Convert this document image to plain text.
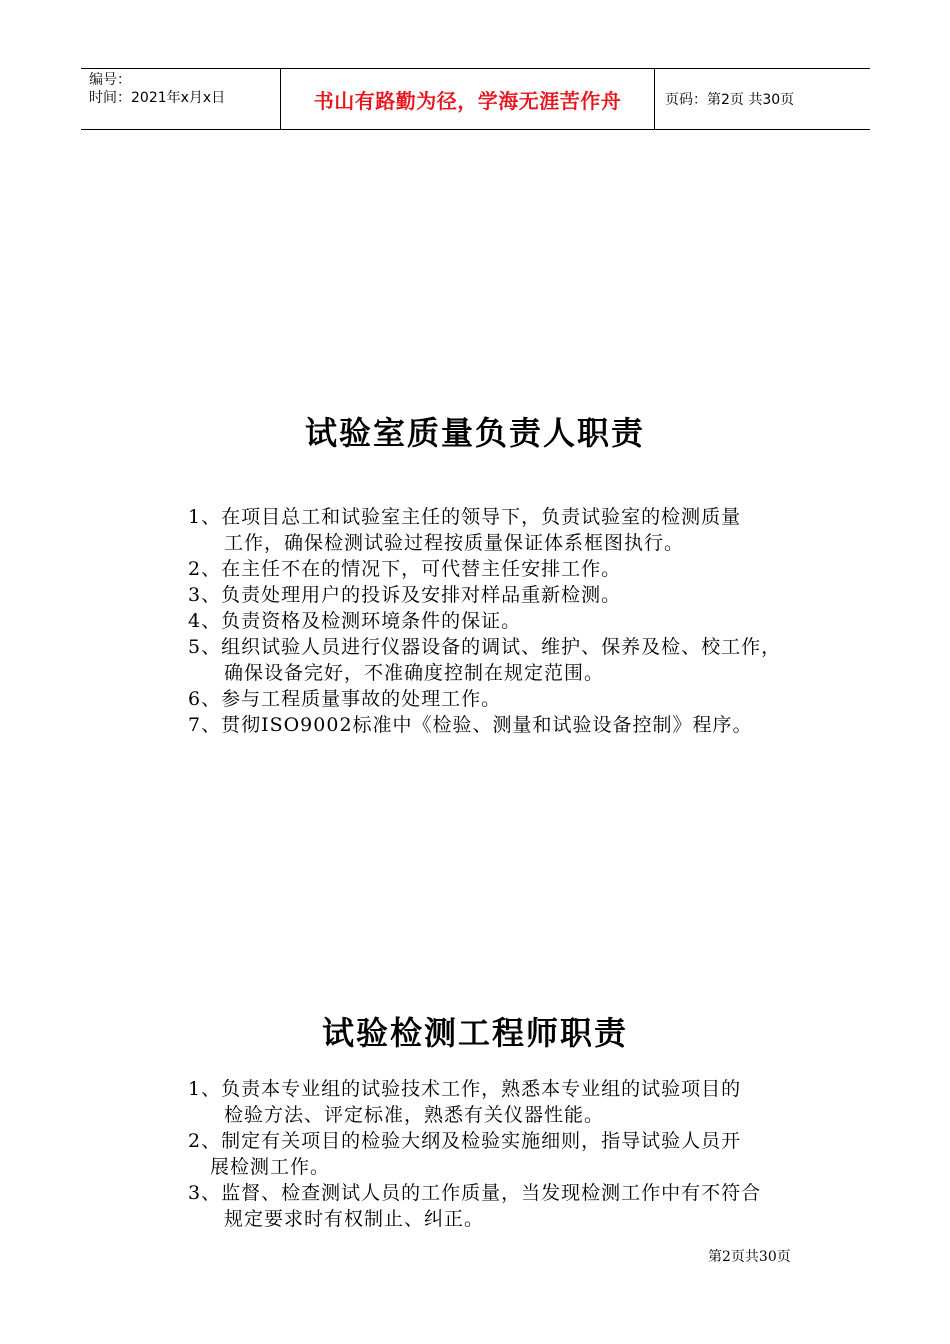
编号：
时间：2021年x月x日	书山有路勤为径，学海无涯苦作舟	页码：第2页 共30页
试验室质量负责人职责
1、在项目总工和试验室主任的领导下，负责试验室的检测质量
工作，确保检测试验过程按质量保证体系框图执行。
2、在主任不在的情况下，可代替主任安排工作。
3、负责处理用户的投诉及安排对样品重新检测。
4、负责资格及检测环境条件的保证。
5、组织试验人员进行仪器设备的调试、维护、保养及检、校工作，
确保设备完好，不准确度控制在规定范围。
6、参与工程质量事故的处理工作。
7、贯彻ISO9002标准中《检验、测量和试验设备控制》程序。
试验检测工程师职责
1、负责本专业组的试验技术工作，熟悉本专业组的试验项目的
检验方法、评定标准，熟悉有关仪器性能。
2、制定有关项目的检验大纲及检验实施细则，指导试验人员开
展检测工作。
3、监督、检查测试人员的工作质量，当发现检测工作中有不符合
规定要求时有权制止、纠正。
第2页共30页
